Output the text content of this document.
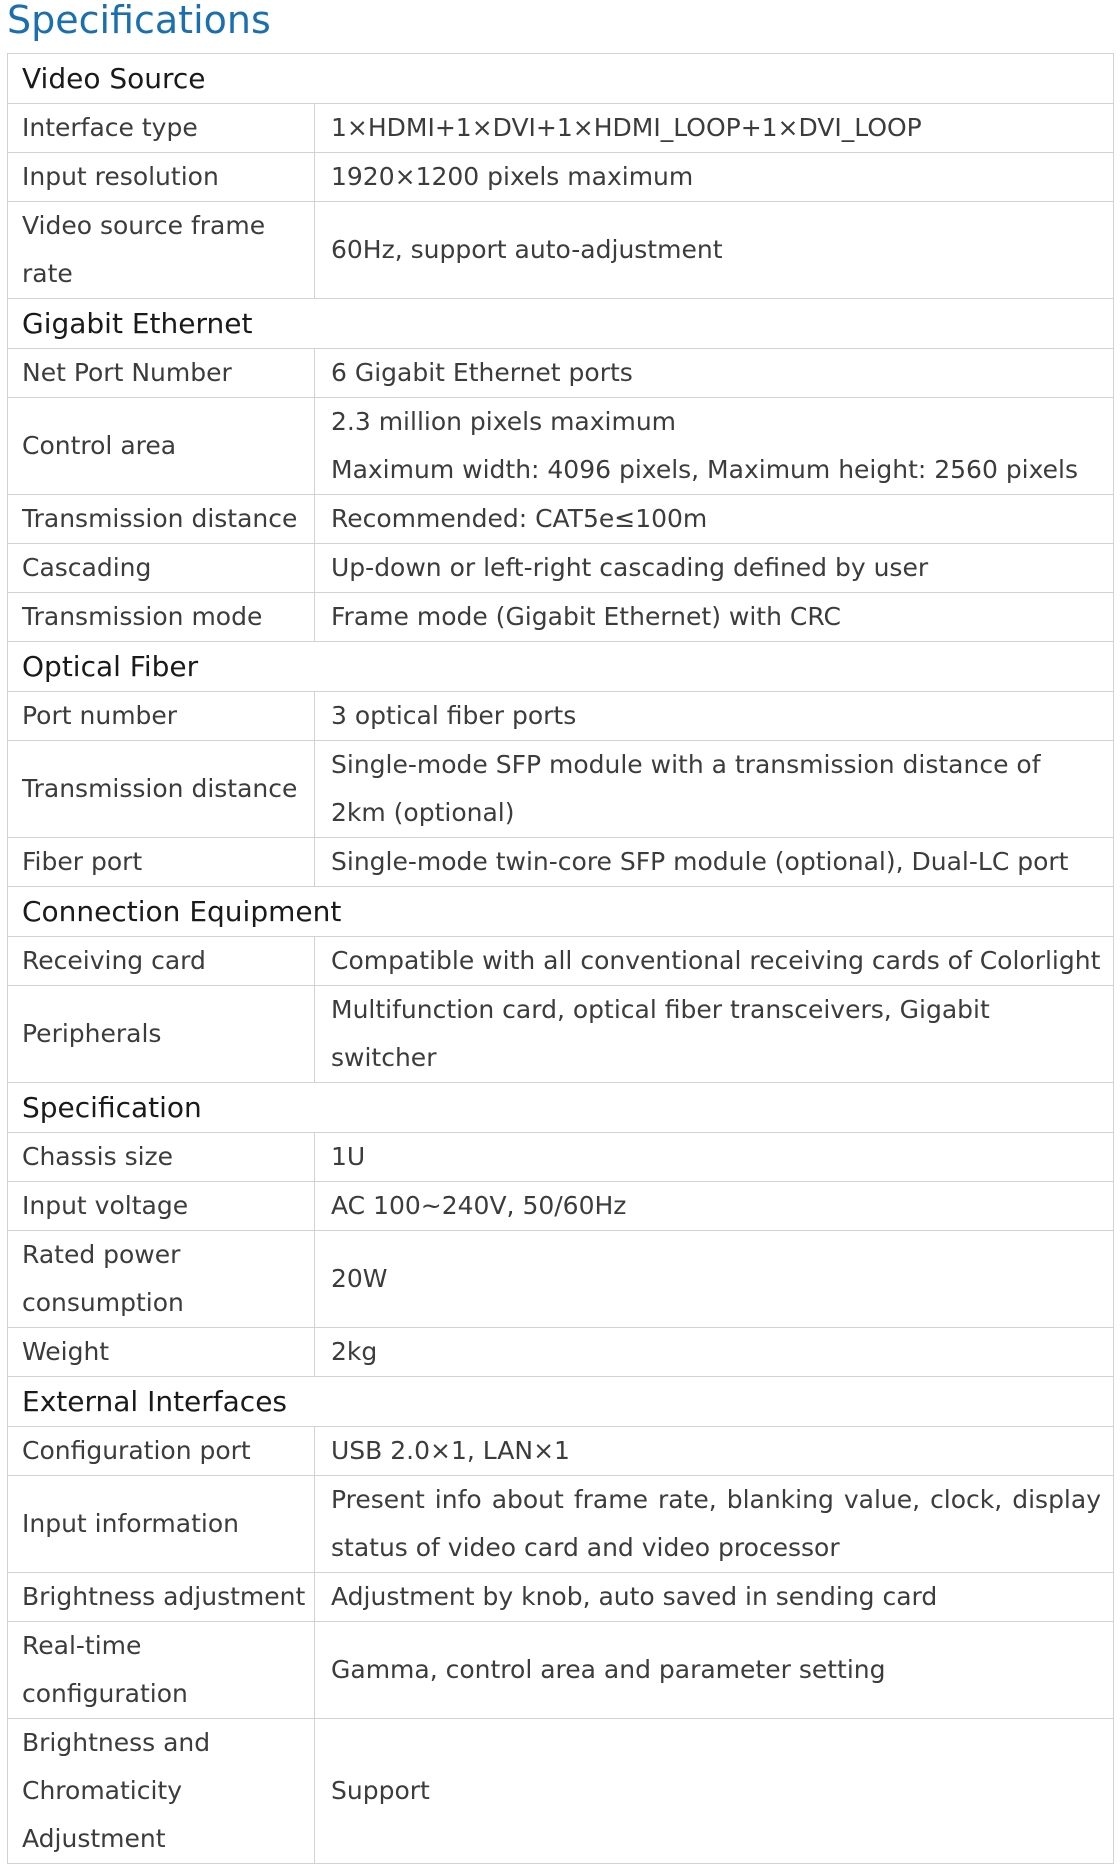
Specifications
Video Source	
Interface type	1×HDMI+1×DVI+1×HDMI_LOOP+1×DVI_LOOP
Input resolution	1920×1200 pixels maximum
Video source frame rate	60Hz, support auto-adjustment
Gigabit Ethernet	
Net Port Number	6 Gigabit Ethernet ports
Control area	2.3 million pixels maximum
Maximum width: 4096 pixels, Maximum height: 2560 pixels
Transmission distance	Recommended: CAT5e≤100m
Cascading	Up-down or left-right cascading defined by user
Transmission mode	Frame mode (Gigabit Ethernet) with CRC
Optical Fiber	
Port number	3 optical fiber ports
Transmission distance	Single-mode SFP module with a transmission distance of 2km (optional)
Fiber port	Single-mode twin-core SFP module (optional), Dual-LC port
Connection Equipment	
Receiving card	Compatible with all conventional receiving cards of Colorlight
Peripherals	Multifunction card, optical fiber transceivers, Gigabit switcher
Specification	
Chassis size	1U
Input voltage	AC 100~240V, 50/60Hz
Rated power consumption	20W
Weight	2kg
External Interfaces	
Configuration port	USB 2.0×1, LAN×1
Input information	Present info about frame rate, blanking value, clock, display status of video card and video processor
Brightness adjustment	Adjustment by knob, auto saved in sending card
Real-time configuration	Gamma, control area and parameter setting
Brightness and Chromaticity Adjustment	Support
